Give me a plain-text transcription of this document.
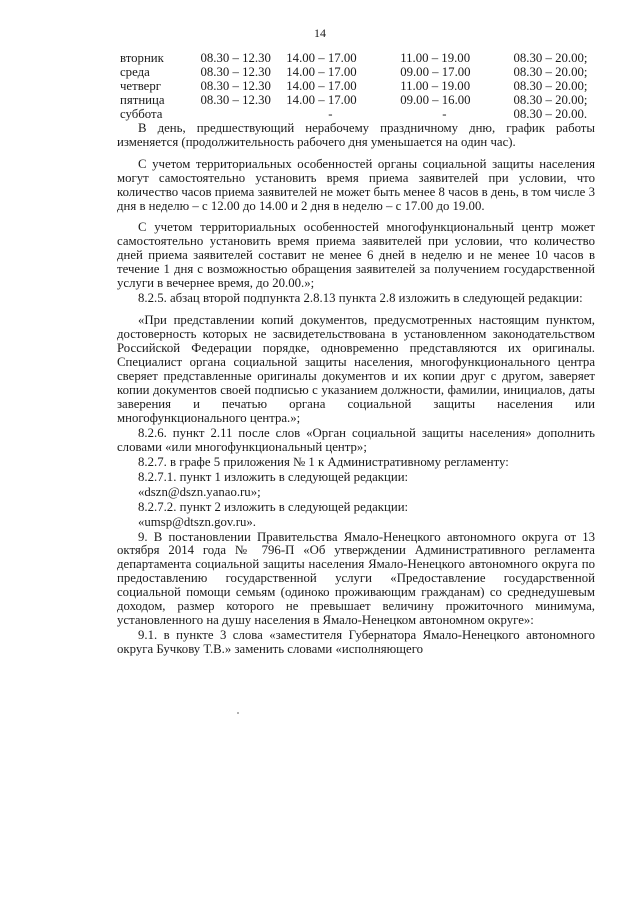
14
вторник	08.30 – 12.30	14.00 – 17.00	11.00 – 19.00	08.30 – 20.00;
среда	08.30 – 12.30	14.00 – 17.00	09.00 – 17.00	08.30 – 20.00;
четверг	08.30 – 12.30	14.00 – 17.00	11.00 – 19.00	08.30 – 20.00;
пятница	08.30 – 12.30	14.00 – 17.00	09.00 – 16.00	08.30 – 20.00;
суббота		-	-	08.30 – 20.00.

В день, предшествующий нерабочему праздничному дню, график работы изменяется (продолжительность рабочего дня уменьшается на один час).

С учетом территориальных особенностей органы социальной защиты населения могут самостоятельно установить время приема заявителей при условии, что количество часов приема заявителей не может быть менее 8 часов в день, в том числе 3 дня в неделю – с 12.00 до 14.00 и 2 дня в неделю – с 17.00 до 19.00.

С учетом территориальных особенностей многофункциональный центр может самостоятельно установить время приема заявителей при условии, что количество дней приема заявителей составит не менее 6 дней в неделю и не менее 10 часов в течение 1 дня с возможностью обращения заявителей за получением государственной услуги в вечернее время, до 20.00.»;

8.2.5. абзац второй подпункта 2.8.13 пункта 2.8 изложить в следующей редакции:

«При представлении копий документов, предусмотренных настоящим пунктом, достоверность которых не засвидетельствована в установленном законодательством Российской Федерации порядке, одновременно представляются их оригиналы. Специалист органа социальной защиты населения, многофункционального центра сверяет представленные оригиналы документов и их копии друг с другом, заверяет копии документов своей подписью с указанием должности, фамилии, инициалов, даты заверения и печатью органа социальной защиты населения или многофункционального центра.»;

8.2.6. пункт 2.11 после слов «Орган социальной защиты населения» дополнить словами «или многофункциональный центр»;

8.2.7. в графе 5 приложения № 1 к Административному регламенту:

8.2.7.1. пункт 1 изложить в следующей редакции:

«dszn@dszn.yanao.ru»;

8.2.7.2. пункт 2 изложить в следующей редакции:

«umsp@dtszn.gov.ru».

9. В постановлении Правительства Ямало-Ненецкого автономного округа от 13 октября 2014 года № 796-П «Об утверждении Административного регламента департамента социальной защиты населения Ямало-Ненецкого автономного округа по предоставлению государственной услуги «Предоставление государственной социальной помощи семьям (одиноко проживающим гражданам) со среднедушевым доходом, размер которого не превышает величину прожиточного минимума, установленного на душу населения в Ямало-Ненецком автономном округе»:

9.1. в пункте 3 слова «заместителя Губернатора Ямало-Ненецкого автономного округа Бучкову Т.В.» заменить словами «исполняющего
